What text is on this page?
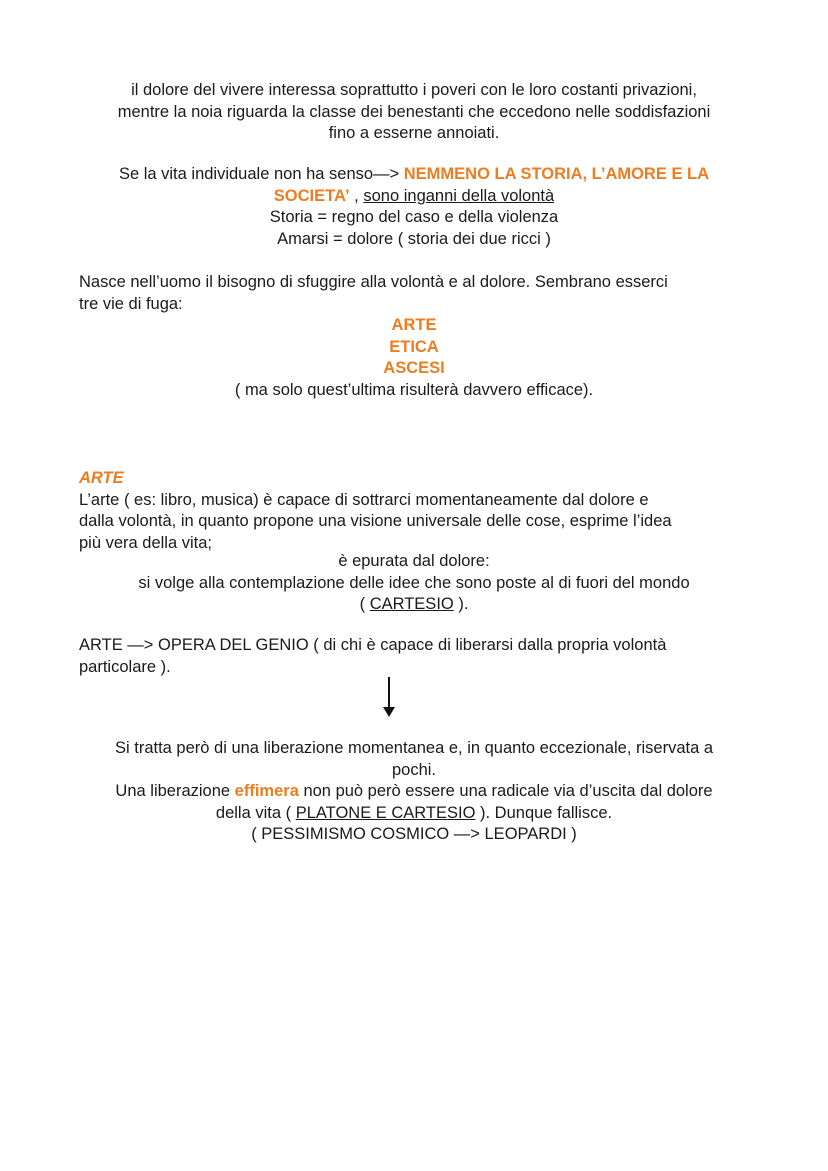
il dolore del vivere interessa soprattutto i poveri con le loro costanti privazioni,
mentre la noia riguarda la classe dei benestanti che eccedono nelle soddisfazioni
fino a esserne annoiati.
Se la vita individuale non ha senso—> NEMMENO LA STORIA, L’AMORE E LA
SOCIETA’ , sono inganni della volontà
Storia = regno del caso e della violenza
Amarsi = dolore ( storia dei due ricci )
Nasce nell’uomo il bisogno di sfuggire alla volontà e al dolore. Sembrano esserci
tre vie di fuga:
ARTE
ETICA
ASCESI
( ma solo quest’ultima risulterà davvero efficace).
ARTE
L’arte ( es: libro, musica) è capace di sottrarci momentaneamente dal dolore e
dalla volontà, in quanto propone una visione universale delle cose, esprime l’idea
più vera della vita;
è epurata dal dolore:
si volge alla contemplazione delle idee che sono poste al di fuori del mondo
( CARTESIO ).
ARTE —> OPERA DEL GENIO ( di chi è capace di liberarsi dalla propria volontà
particolare ).
Si tratta però di una liberazione momentanea e, in quanto eccezionale, riservata a
pochi.
Una liberazione effimera non può però essere una radicale via d’uscita dal dolore
della vita ( PLATONE E CARTESIO ). Dunque fallisce.
( PESSIMISMO COSMICO —> LEOPARDI )
